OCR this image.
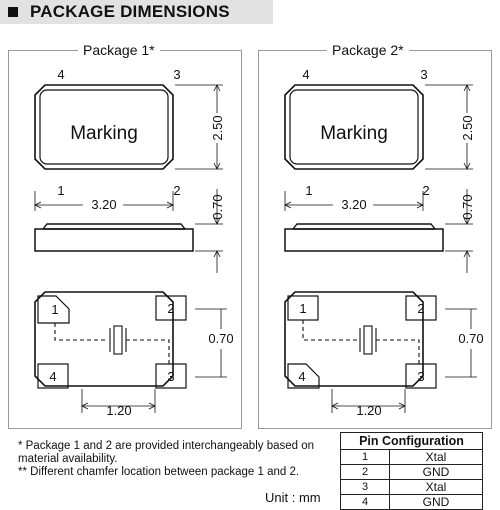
PACKAGE DIMENSIONS
Package 1*
Marking
4	3
1	2
2.50
3.20	0.70
1	2
4	3
0.70
1.20
Package 2*
Marking
4	3
1	2
2.50
3.20	0.70
1	2
4	3
0.70
1.20

* Package 1 and 2 are provided interchangeably based on material availability.

** Different chamfer location between package 1 and 2.

Unit : mm
Pin Configuration	
1	Xtal
2	GND
3	Xtal
4	GND
